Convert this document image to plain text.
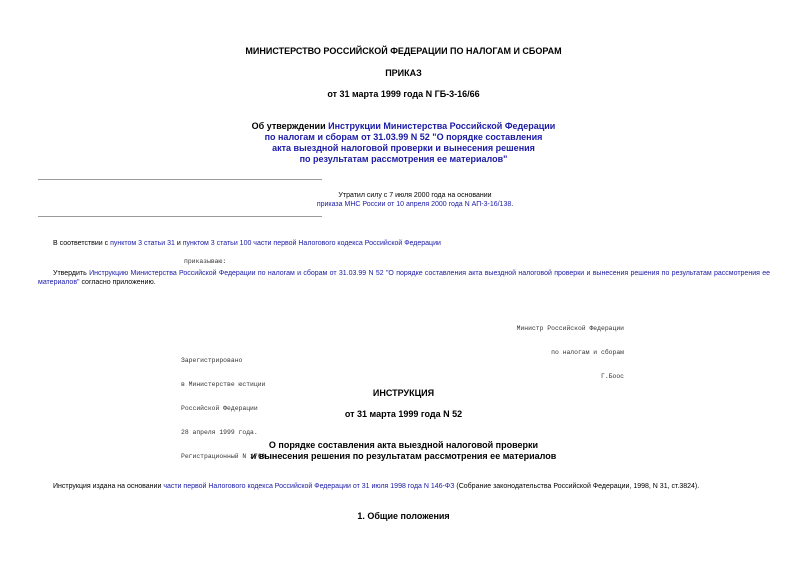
МИНИСТЕРСТВО РОССИЙСКОЙ ФЕДЕРАЦИИ ПО НАЛОГАМ И СБОРАМ
ПРИКАЗ
от 31 марта 1999 года N ГБ-3-16/66
Об утверждении Инструкции Министерства Российской Федерации
по налогам и сборам от 31.03.99 N 52 "О порядке составления
акта выездной налоговой проверки и вынесения решения
по результатам рассмотрения ее материалов"
Утратил силу с 7 июля 2000 года на основании
приказа МНС России от 10 апреля 2000 года N АП-3-16/138.
В соответствии с пунктом 3 статьи 31 и пунктом 3 статьи 100 части первой Налогового кодекса Российской Федерации
приказываю:
Утвердить Инструкцию Министерства Российской Федерации по налогам и сборам от 31.03.99 N 52 "О порядке составления акта выездной налоговой проверки и вынесения решения по результатам рассмотрения ее материалов" согласно приложению.

Министр Российской Федерации

по налогам и сборам

Г.Боос

Зарегистрировано

в Министерстве юстиции

Российской Федерации

28 апреля 1999 года.

Регистрационный N 1766

ИНСТРУКЦИЯ
от 31 марта 1999 года N 52
О порядке составления акта выездной налоговой проверки
и вынесения решения по результатам рассмотрения ее материалов
Инструкция издана на основании части первой Налогового кодекса Российской Федерации от 31 июля 1998 года N 146-ФЗ (Собрание законодательства Российской Федерации, 1998, N 31, ст.3824).
1. Общие положения
